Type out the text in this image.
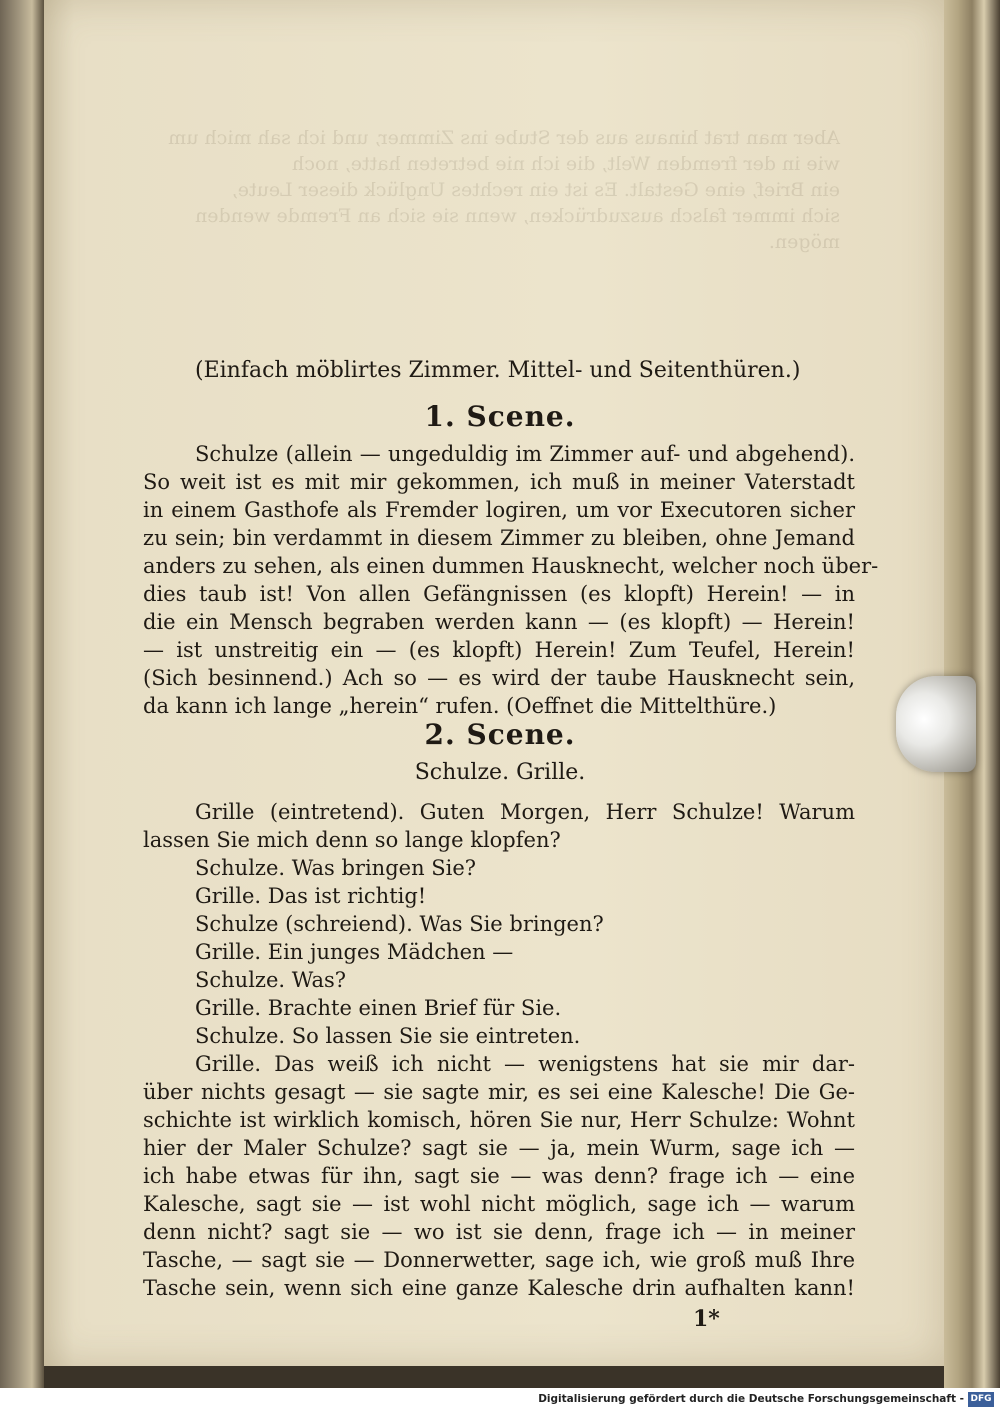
Aber man trat hinaus aus der Stube ins Zimmer, und ich sah mich um
wie in der fremden Welt, die ich nie betreten hatte, noch
ein Brief, eine Gestalt. Es ist ein rechtes Unglück dieser Leute,
sich immer falsch auszudrücken, wenn sie sich an Fremde wenden
mögen.
(Einfach möblirtes Zimmer. Mittel- und Seitenthüren.)
1. Scene.
Schulze (allein — ungeduldig im Zimmer auf- und abgehend).
So weit ist es mit mir gekommen, ich muß in meiner Vaterstadt
in einem Gasthofe als Fremder logiren, um vor Executoren sicher
zu sein; bin verdammt in diesem Zimmer zu bleiben, ohne Jemand
anders zu sehen, als einen dummen Hausknecht, welcher noch über-
dies taub ist! Von allen Gefängnissen (es klopft) Herein! — in
die ein Mensch begraben werden kann — (es klopft) — Herein!
— ist unstreitig ein — (es klopft) Herein! Zum Teufel, Herein!
(Sich besinnend.) Ach so — es wird der taube Hausknecht sein,
da kann ich lange „herein“ rufen. (Oeffnet die Mittelthüre.)
2. Scene.
Schulze. Grille.
Grille (eintretend). Guten Morgen, Herr Schulze! Warum
lassen Sie mich denn so lange klopfen?
Schulze. Was bringen Sie?
Grille. Das ist richtig!
Schulze (schreiend). Was Sie bringen?
Grille. Ein junges Mädchen —
Schulze. Was?
Grille. Brachte einen Brief für Sie.
Schulze. So lassen Sie sie eintreten.
Grille. Das weiß ich nicht — wenigstens hat sie mir dar-
über nichts gesagt — sie sagte mir, es sei eine Kalesche! Die Ge-
schichte ist wirklich komisch, hören Sie nur, Herr Schulze: Wohnt
hier der Maler Schulze? sagt sie — ja, mein Wurm, sage ich —
ich habe etwas für ihn, sagt sie — was denn? frage ich — eine
Kalesche, sagt sie — ist wohl nicht möglich, sage ich — warum
denn nicht? sagt sie — wo ist sie denn, frage ich — in meiner
Tasche, — sagt sie — Donnerwetter, sage ich, wie groß muß Ihre
Tasche sein, wenn sich eine ganze Kalesche drin aufhalten kann!
1*
Digitalisierung gefördert durch die Deutsche Forschungsgemeinschaft - DFG
